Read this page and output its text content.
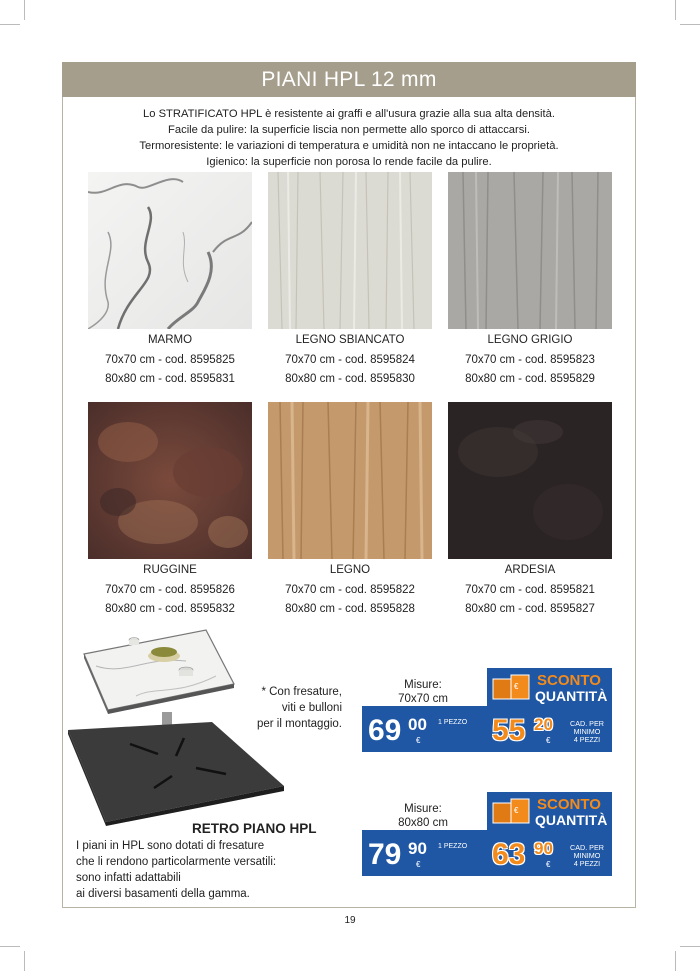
PIANI HPL 12 mm
Lo STRATIFICATO HPL è resistente ai graffi e all'usura grazie alla sua alta densità.
Facile da pulire: la superficie liscia non permette allo sporco di attaccarsi.
Termoresistente: le variazioni di temperatura e umidità non ne intaccano le proprietà.
Igienico: la superficie non porosa lo rende facile da pulire.
MARMO
70x70 cm - cod. 8595825
80x80 cm - cod. 8595831
LEGNO SBIANCATO
70x70 cm - cod. 8595824
80x80 cm - cod. 8595830
LEGNO GRIGIO
70x70 cm - cod. 8595823
80x80 cm - cod. 8595829
RUGGINE
70x70 cm - cod. 8595826
80x80 cm - cod. 8595832
LEGNO
70x70 cm - cod. 8595822
80x80 cm - cod. 8595828
ARDESIA
70x70 cm - cod. 8595821
80x80 cm - cod. 8595827
* Con fresature,
viti e bulloni
per il montaggio.
RETRO PIANO HPL
I piani in HPL sono dotati di fresature
che li rendono particolarmente versatili:
sono infatti adattabili
ai diversi basamenti della gamma.
Misure:
70x70 cm
69 00
€
1 PEZZO 55 20
€
CAD. PER
MINIMO
4 PEZZI
€ SCONTO
QUANTITÀ
Misure:
80x80 cm
79 90
€
1 PEZZO 63 90
€
CAD. PER
MINIMO
4 PEZZI
€ SCONTO
QUANTITÀ
19
